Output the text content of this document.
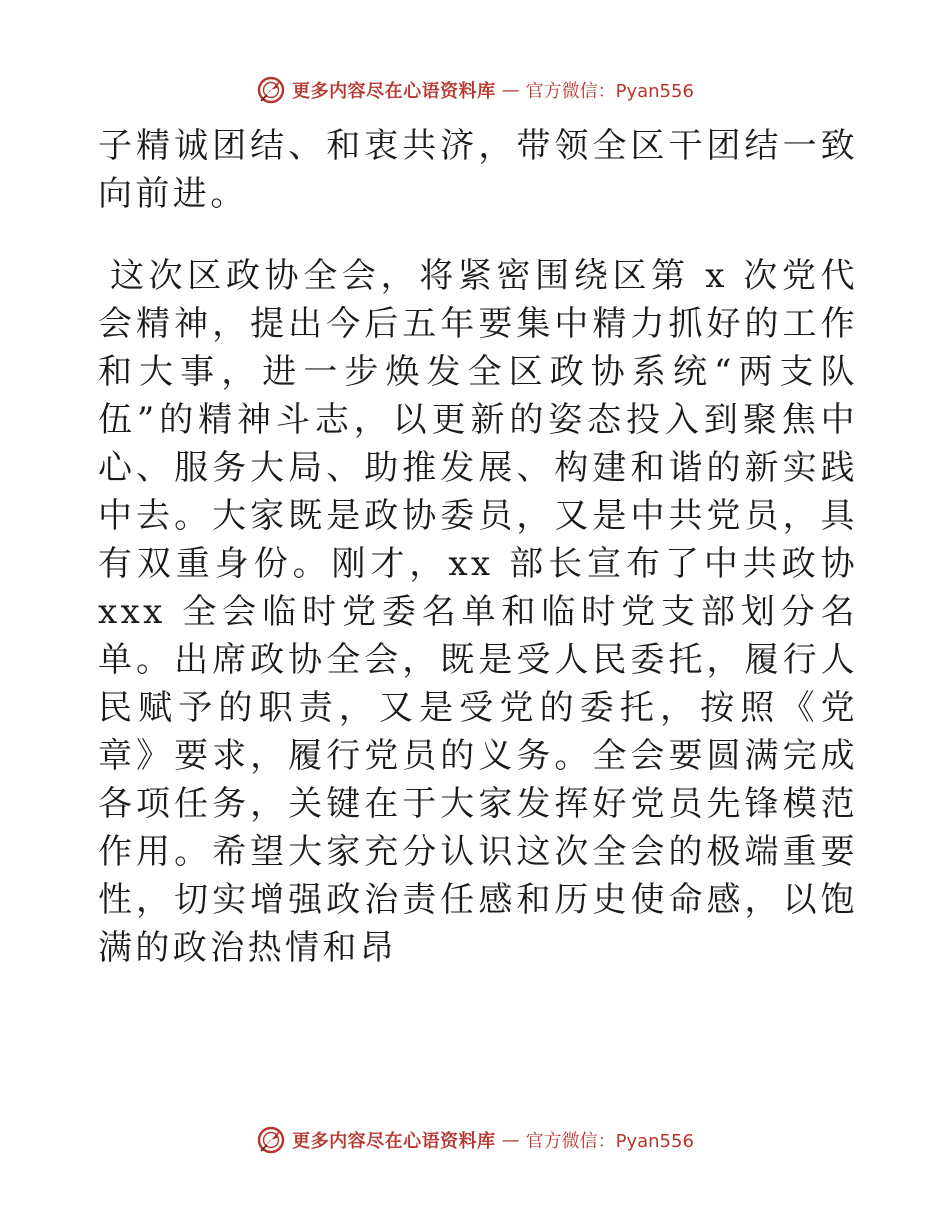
更多内容尽在心语资料库 — 官方微信：Pyan556

子精诚团结、和衷共济，带领全区干团结一致向前进。

这次区政协全会，将紧密围绕区第 x 次党代会精神，提出今后五年要集中精力抓好的工作和大事，进一步焕发全区政协系统“两支队伍”的精神斗志，以更新的姿态投入到聚焦中心、服务大局、助推发展、构建和谐的新实践中去。大家既是政协委员，又是中共党员，具有双重身份。刚才，xx 部长宣布了中共政协 xxx 全会临时党委名单和临时党支部划分名单。出席政协全会，既是受人民委托，履行人民赋予的职责，又是受党的委托，按照《党章》要求，履行党员的义务。全会要圆满完成各项任务，关键在于大家发挥好党员先锋模范作用。希望大家充分认识这次全会的极端重要性，切实增强政治责任感和历史使命感，以饱满的政治热情和昂

更多内容尽在心语资料库 — 官方微信：Pyan556
